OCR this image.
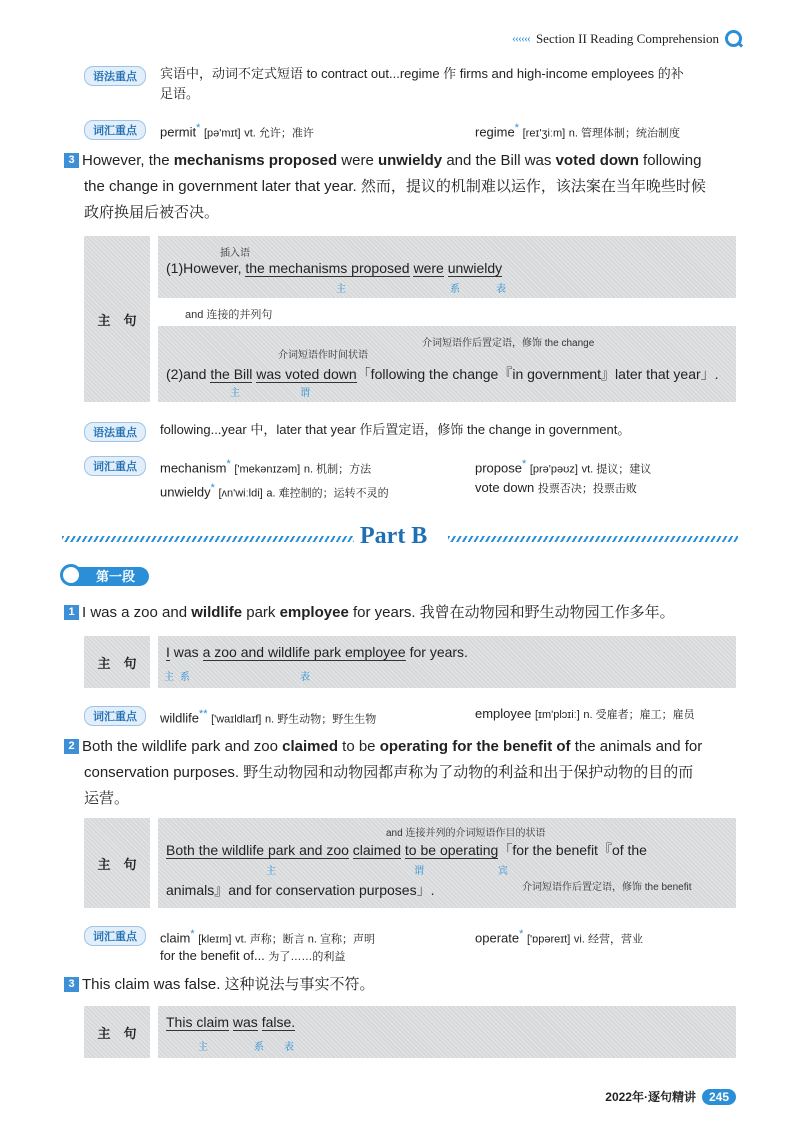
‹‹‹‹‹‹ Section II Reading Comprehension
语法重点	宾语中，动词不定式短语 to contract out...regime 作 firms and high-income employees 的补
足语。
词汇重点	permit* [pə'mɪt] vt. 允许；准许	regime* [reɪ'ʒiːm] n. 管理体制；统治制度
3 However, the mechanisms proposed were unwieldy and the Bill was voted down following
the change in government later that year. 然而，提议的机制难以运作，该法案在当年晚些时候
政府换届后被否决。
主　句
插入语
(1)However, the mechanisms proposed were unwieldy
主	系	表
and 连接的并列句
介词短语作时间状语
介词短语作后置定语，修饰 the change
(2)and the Bill was voted down「following the change『in government』later that year」.
主	谓
语法重点	following...year 中，later that year 作后置定语，修饰 the change in government。
词汇重点	mechanism* ['mekənɪzəm] n. 机制；方法	propose* [prə'pəʊz] vt. 提议；建议
unwieldy* [ʌn'wiːldi] a. 难控制的；运转不灵的	vote down 投票否决；投票击败
Part B
第一段
1 I was a zoo and wildlife park employee for years. 我曾在动物园和野生动物园工作多年。
主　句
I was a zoo and wildlife park employee for years.
主 系	表
词汇重点	wildlife** ['waɪldlaɪf] n. 野生动物；野生生物	employee [ɪm'plɔɪiː] n. 受雇者；雇工；雇员
2 Both the wildlife park and zoo claimed to be operating for the benefit of the animals and for
conservation purposes. 野生动物园和动物园都声称为了动物的利益和出于保护动物的目的而
运营。
主　句
and 连接并列的介词短语作目的状语
Both the wildlife park and zoo claimed to be operating「for the benefit『of the
主	谓	宾
animals』and for conservation purposes」.	介词短语作后置定语，修饰 the benefit
词汇重点	claim* [kleɪm] vt. 声称；断言 n. 宣称；声明	operate* ['ɒpəreɪt] vi. 经营，营业
for the benefit of... 为了……的利益
3 This claim was false. 这种说法与事实不符。
主　句
This claim was false.
主	系 表
2022年·逐句精讲	245
